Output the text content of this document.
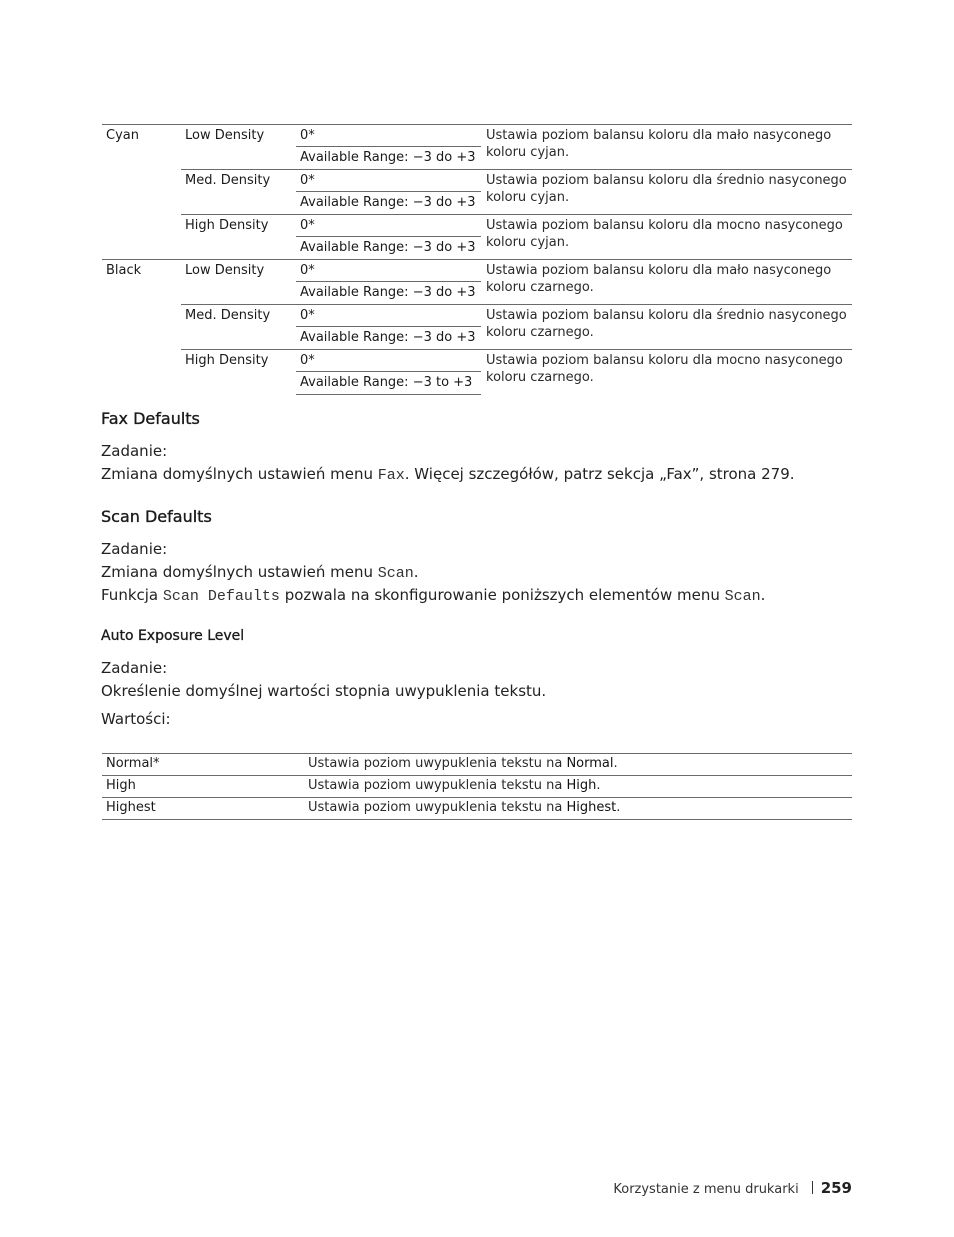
Cyan	Low Density	0*	Ustawia poziom balansu koloru dla mało nasyconego koloru cyjan.
		Available Range: −3 do +3	
	Med. Density	0*	Ustawia poziom balansu koloru dla średnio nasyconego koloru cyjan.
		Available Range: −3 do +3	
	High Density	0*	Ustawia poziom balansu koloru dla mocno nasyconego koloru cyjan.
		Available Range: −3 do +3	
Black	Low Density	0*	Ustawia poziom balansu koloru dla mało nasyconego koloru czarnego.
		Available Range: −3 do +3	
	Med. Density	0*	Ustawia poziom balansu koloru dla średnio nasyconego koloru czarnego.
		Available Range: −3 do +3	
	High Density	0*	Ustawia poziom balansu koloru dla mocno nasyconego koloru czarnego.
		Available Range: −3 to +3	
Fax Defaults

Zadanie:

Zmiana domyślnych ustawień menu Fax. Więcej szczegółów, patrz sekcja „Fax”, strona 279.

Scan Defaults

Zadanie:

Zmiana domyślnych ustawień menu Scan.

Funkcja Scan Defaults pozwala na skonfigurowanie poniższych elementów menu Scan.

Auto Exposure Level

Zadanie:

Określenie domyślnej wartości stopnia uwypuklenia tekstu.

Wartości:

Normal*	Ustawia poziom uwypuklenia tekstu na Normal.
High	Ustawia poziom uwypuklenia tekstu na High.
Highest	Ustawia poziom uwypuklenia tekstu na Highest.
Korzystanie z menu drukarki 259
